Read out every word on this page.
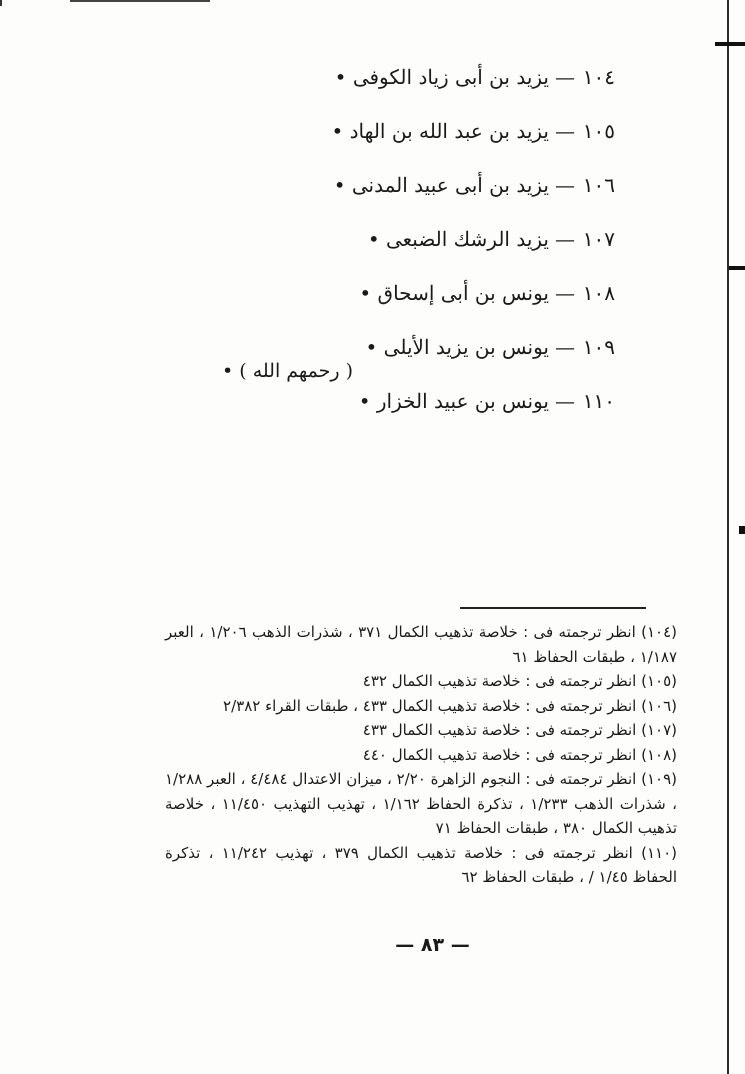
١٠٤—يزيد بن أبى زياد الكوفى •
١٠٥—يزيد بن عبد الله بن الهاد •
١٠٦—يزيد بن أبى عبيد المدنى •
١٠٧—يزيد الرشك الضبعى •
١٠٨—يونس بن أبى إسحاق •
١٠٩—يونس بن يزيد الأيلى •
١١٠—يونس بن عبيد الخزار •
( رحمهم الله ) •

(١٠٤) انظر ترجمته فى : خلاصة تذهيب الكمال ٣٧١ ، شذرات الذهب ١/٢٠٦ ، العبر ١/١٨٧ ، طبقات الحفاظ ٦١

(١٠٥) انظر ترجمته فى : خلاصة تذهيب الكمال ٤٣٢

(١٠٦) انظر ترجمته فى : خلاصة تذهيب الكمال ٤٣٣ ، طبقات القراء ٢/٣٨٢

(١٠٧) انظر ترجمته فى : خلاصة تذهيب الكمال ٤٣٣

(١٠٨) انظر ترجمته فى : خلاصة تذهيب الكمال ٤٤٠

(١٠٩) انظر ترجمته فى : النجوم الزاهرة ٢/٢٠ ، ميزان الاعتدال ٤/٤٨٤ ، العبر ١/٢٨٨ ، شذرات الذهب ١/٢٣٣ ، تذكرة الحفاظ ١/١٦٢ ، تهذيب التهذيب ١١/٤٥٠ ، خلاصة تذهيب الكمال ٣٨٠ ، طبقات الحفاظ ٧١

(١١٠) انظر ترجمته فى : خلاصة تذهيب الكمال ٣٧٩ ، تهذيب ١١/٢٤٢ ، تذكرة الحفاظ ١/٤٥ / ، طبقات الحفاظ ٦٢

— ٨٣ —
